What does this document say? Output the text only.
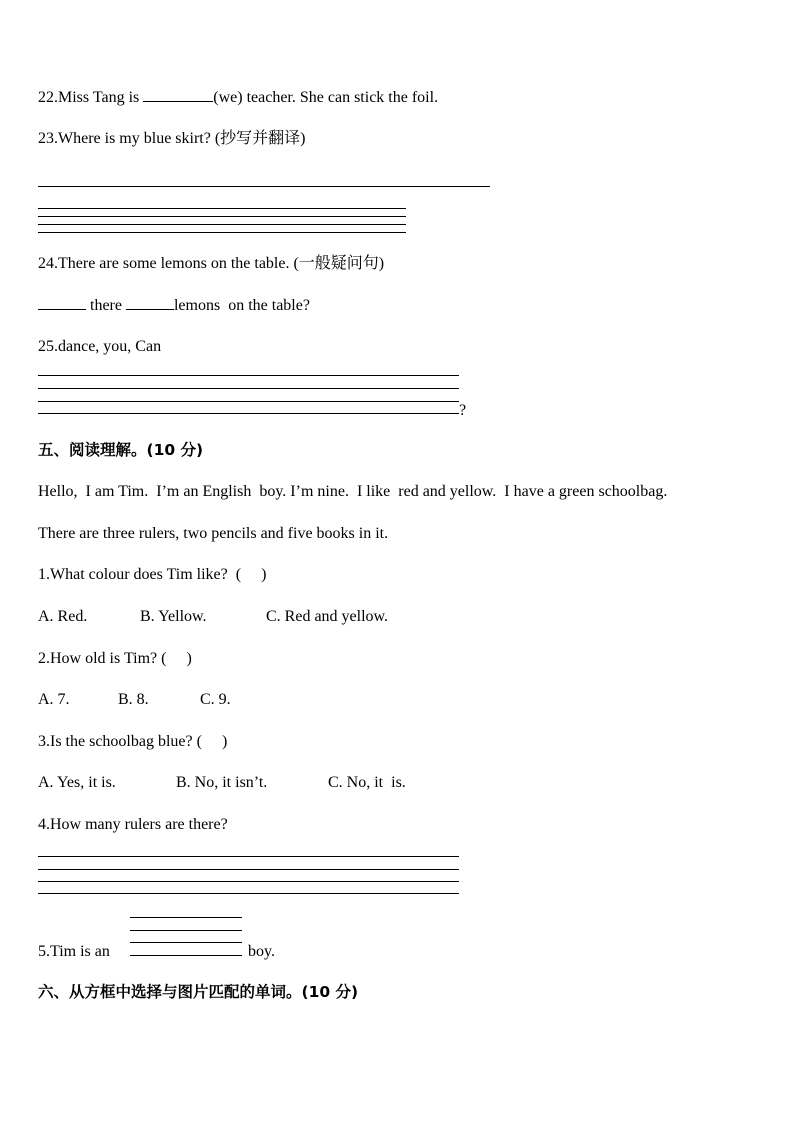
22.Miss Tang is	(we) teacher. She can stick the foil.
23.Where is my blue skirt? (抄写并翻译)
24.There are some lemons on the table. (一般疑问句)
there	lemons  on the table?
25.dance, you, Can
?
五、阅读理解。(10 分)
Hello,  I am Tim.  I’m an English  boy. I’m nine.  I like  red and yellow.  I have a green schoolbag.
There are three rulers, two pencils and five books in it.
1.What colour does Tim like?  (     )
A. Red.	B. Yellow.	C. Red and yellow.
2.How old is Tim? (     )
A. 7.	B. 8.	C. 9.
3.Is the schoolbag blue? (     )
A. Yes, it is.	B. No, it isn’t.	C. No, it  is.
4.How many rulers are there?
5.Tim is an	boy.
六、从方框中选择与图片匹配的单词。(10 分)
